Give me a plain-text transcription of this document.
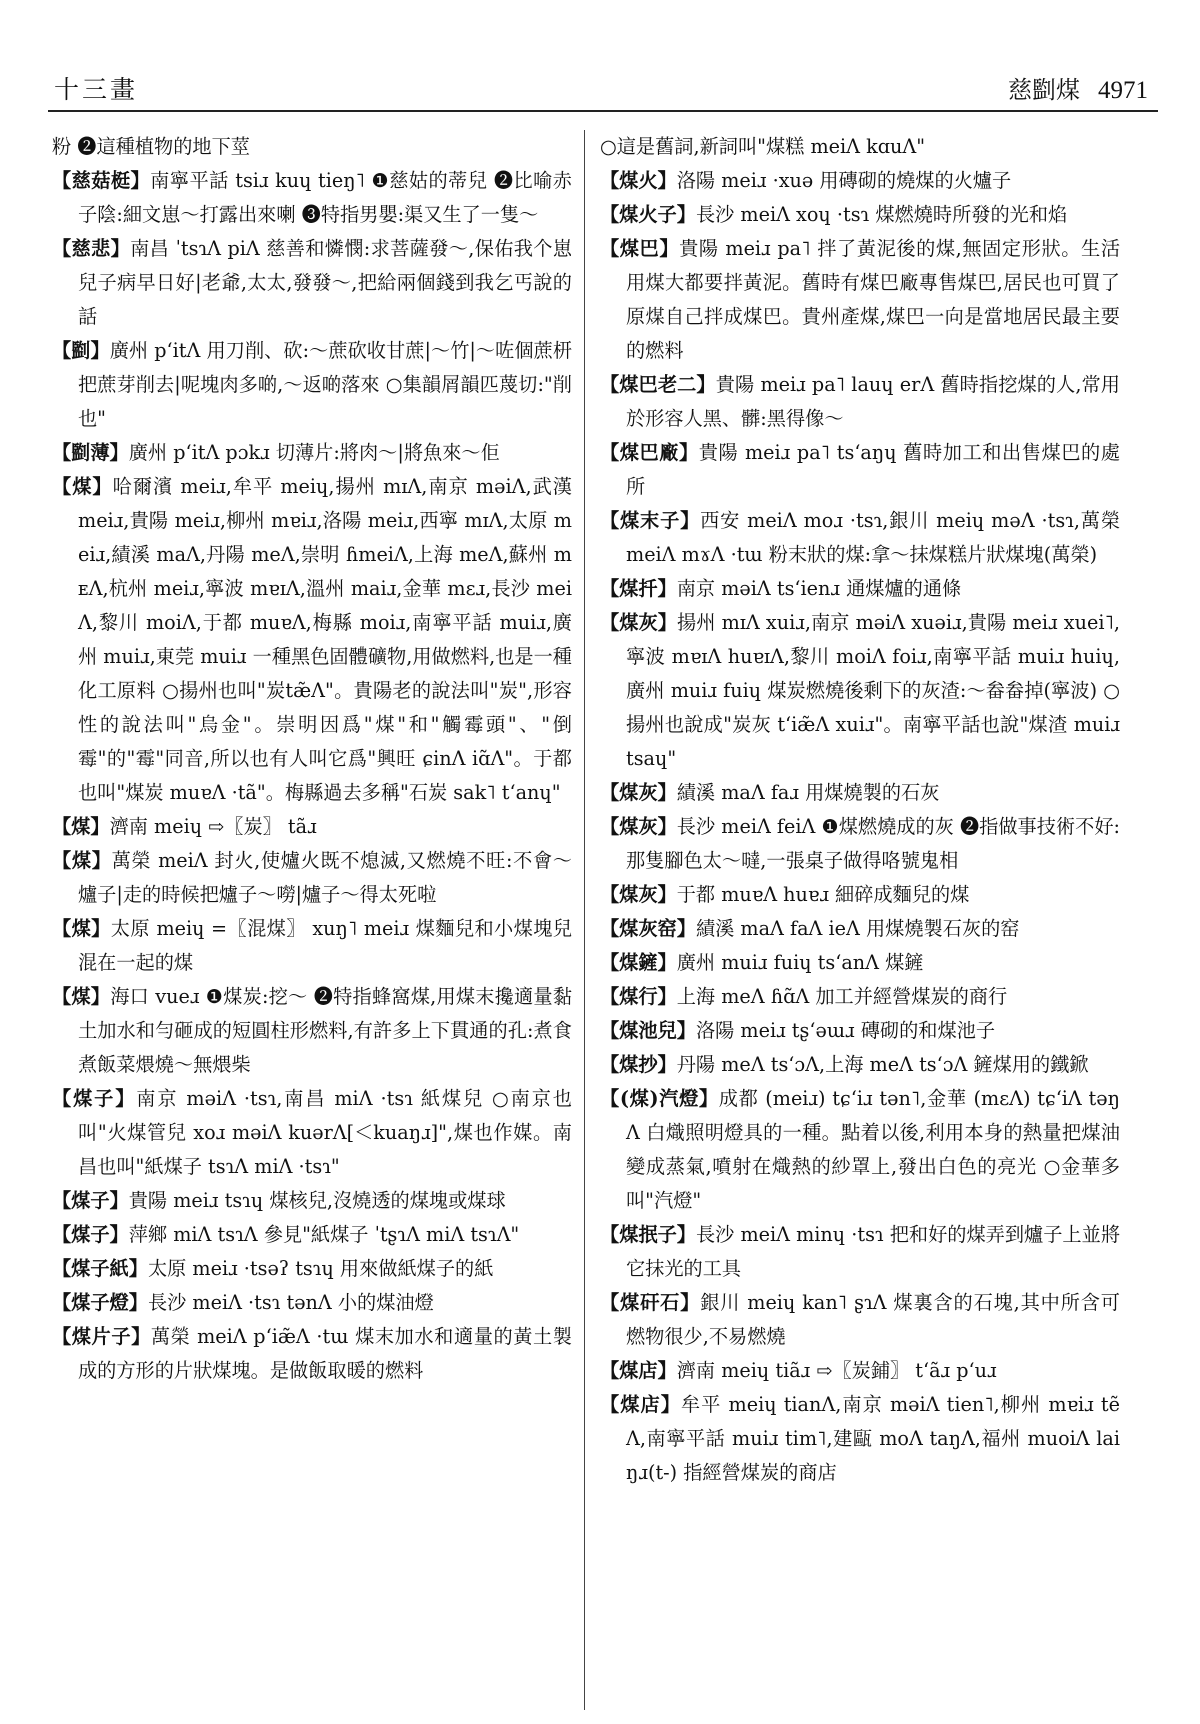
十三畫	慈㔋煤 4971
粉 ❷這種植物的地下莖
【慈菇梃】南寧平話 tsiɹ kuɥ tieŋ˥ ❶慈姑的蒂兒 ❷比喻赤子陰:細文崽～打露出來喇 ❸特指男嬰:渠又生了一隻～
【慈悲】南昌 ˈtsɿɅ piɅ 慈善和憐憫:求菩薩發～,保佑我个崽兒子病早日好|老爺,太太,發發～,把給兩個錢到我乞丐說的話
【㔋】廣州 pʻitɅ 用刀削、砍:～蔗砍收甘蔗|～竹|～咗個蔗枅把蔗芽削去|呢塊肉多啲,～返啲落來 ○集韻屑韻匹蔑切:"削也"
【㔋薄】廣州 pʻitɅ pɔkɹ 切薄片:將肉～|將魚來～佢
【煤】哈爾濱 meiɹ,牟平 meiɥ,揚州 mɪɅ,南京 məiɅ,武漢 meiɹ,貴陽 meiɹ,柳州 mɐiɹ,洛陽 meiɹ,西寧 mɪɅ,太原 meiɹ,績溪 maɅ,丹陽 meɅ,崇明 ɦmeiɅ,上海 meɅ,蘇州 mᴇɅ,杭州 meiɹ,寧波 mɐɪɅ,溫州 maiɹ,金華 mɛɹ,長沙 meiɅ,黎川 moiɅ,于都 muɐɅ,梅縣 moiɹ,南寧平話 muiɹ,廣州 muiɹ,東莞 muiɹ 一種黑色固體礦物,用做燃料,也是一種化工原料 ○揚州也叫"炭tæ̃Ʌ"。貴陽老的說法叫"炭",形容性的說法叫"烏金"。崇明因爲"煤"和"觸霉頭"、"倒霉"的"霉"同音,所以也有人叫它爲"興旺 ɕinɅ iɑ̃Ʌ"。于都也叫"煤炭 muɐɅ ·tã"。梅縣過去多稱"石炭 sak˥ tʻanɥ"
【煤】濟南 meiɥ ⇨〖炭〗 tãɹ
【煤】萬榮 meiɅ 封火,使爐火既不熄滅,又燃燒不旺:不會～爐子|走的時候把爐子～嘮|爐子～得太死啦
【煤】太原 meiɥ =〖混煤〗 xuŋ˥ meiɹ 煤麵兒和小煤塊兒混在一起的煤
【煤】海口 vueɹ ❶煤炭:挖～ ❷特指蜂窩煤,用煤末攙適量黏土加水和勻砸成的短圓柱形燃料,有許多上下貫通的孔:煮食煮飯菜煨燒～無煨柴
【煤子】南京 məiɅ ·tsɿ,南昌 miɅ ·tsɿ 紙煤兒 ○南京也叫"火煤管兒 xoɹ məiɅ kuərɅ[＜kuaŋɹ]",煤也作媒。南昌也叫"紙煤子 tsɿɅ miɅ ·tsɿ"
【煤子】貴陽 meiɹ tsɿɥ 煤核兒,沒燒透的煤塊或煤球
【煤子】萍鄉 miɅ tsɿɅ 參見"紙煤子 ˈtʂɿɅ miɅ tsɿɅ"
【煤子紙】太原 meiɹ ·tsəʔ tsɿɥ 用來做紙煤子的紙
【煤子燈】長沙 meiɅ ·tsɿ tənɅ 小的煤油燈
【煤片子】萬榮 meiɅ pʻiæ̃Ʌ ·tɯ 煤末加水和適量的黃土製成的方形的片狀煤塊。是做飯取暖的燃料
○這是舊詞,新詞叫"煤糕 meiɅ kɑuɅ"
【煤火】洛陽 meiɹ ·xuə 用磚砌的燒煤的火爐子
【煤火子】長沙 meiɅ xoɥ ·tsɿ 煤燃燒時所發的光和焰
【煤巴】貴陽 meiɹ pa˥ 拌了黃泥後的煤,無固定形狀。生活用煤大都要拌黃泥。舊時有煤巴廠專售煤巴,居民也可買了原煤自己拌成煤巴。貴州產煤,煤巴一向是當地居民最主要的燃料
【煤巴老二】貴陽 meiɹ pa˥ lauɥ erɅ 舊時指挖煤的人,常用於形容人黑、髒:黑得像～
【煤巴廠】貴陽 meiɹ pa˥ tsʻaŋɥ 舊時加工和出售煤巴的處所
【煤末子】西安 meiɅ moɹ ·tsɿ,銀川 meiɥ məɅ ·tsɿ,萬榮 meiɅ mɤɅ ·tɯ 粉末狀的煤:拿～抹煤糕片狀煤塊(萬榮)
【煤扦】南京 məiɅ tsʻienɹ 通煤爐的通條
【煤灰】揚州 mɪɅ xuiɹ,南京 məiɅ xuəiɹ,貴陽 meiɹ xuei˥,寧波 mɐɪɅ huɐɪɅ,黎川 moiɅ foiɹ,南寧平話 muiɹ huiɥ,廣州 muiɹ fuiɥ 煤炭燃燒後剩下的灰渣:～畚畚掉(寧波) ○揚州也說成"炭灰 tʻiæ̃Ʌ xuiɹ"。南寧平話也說"煤渣 muiɹ tsaɥ"
【煤灰】績溪 maɅ faɹ 用煤燒製的石灰
【煤灰】長沙 meiɅ feiɅ ❶煤燃燒成的灰 ❷指做事技術不好:那隻腳色太～噠,一張桌子做得咯號鬼相
【煤灰】于都 muɐɅ huɐɹ 細碎成麵兒的煤
【煤灰窑】績溪 maɅ faɅ ieɅ 用煤燒製石灰的窑
【煤鏟】廣州 muiɹ fuiɥ tsʻanɅ 煤鏟
【煤行】上海 meɅ ɦɑ̃Ʌ 加工并經營煤炭的商行
【煤池兒】洛陽 meiɹ tʂʻəɯɹ 磚砌的和煤池子
【煤抄】丹陽 meɅ tsʻɔɅ,上海 meɅ tsʻɔɅ 鏟煤用的鐵鍁
【(煤)汽燈】成都 (meiɹ) tɕʻiɹ tən˥,金華 (mɛɅ) tɕʻiɅ təŋɅ 白熾照明燈具的一種。點着以後,利用本身的熱量把煤油變成蒸氣,噴射在熾熱的紗罩上,發出白色的亮光 ○金華多叫"汽燈"
【煤抿子】長沙 meiɅ minɥ ·tsɿ 把和好的煤弄到爐子上並將它抹光的工具
【煤矸石】銀川 meiɥ kan˥ ʂɿɅ 煤裏含的石塊,其中所含可燃物很少,不易燃燒
【煤店】濟南 meiɥ tiãɹ ⇨〖炭鋪〗 tʻãɹ pʻuɹ
【煤店】牟平 meiɥ tianɅ,南京 məiɅ tien˥,柳州 mɐiɹ tẽɅ,南寧平話 muiɹ tim˥,建甌 moɅ taŋɅ,福州 muoiɅ laiŋɹ(t-) 指經營煤炭的商店
